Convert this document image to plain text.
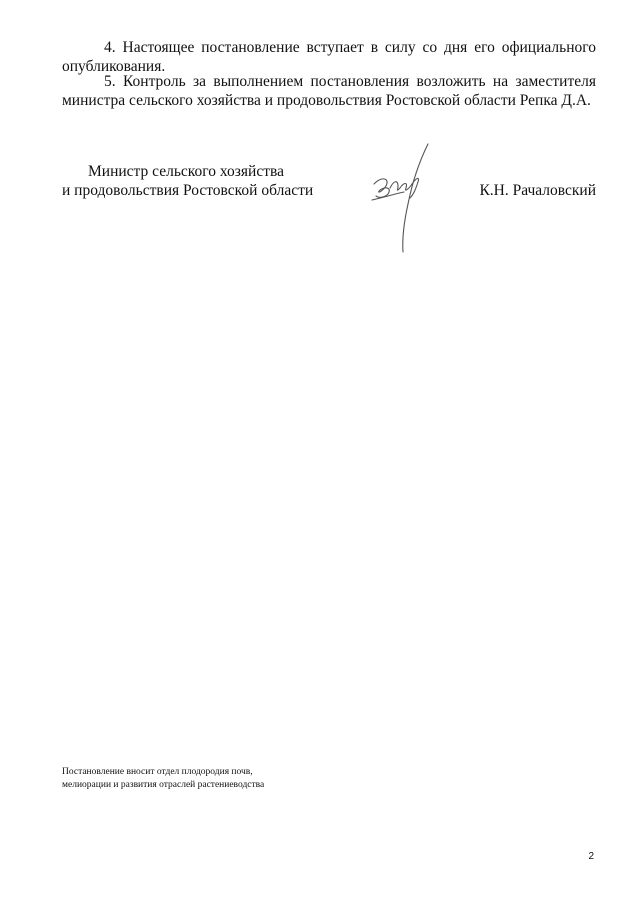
4. Настоящее постановление вступает в силу со дня его официального опубликования.
5. Контроль за выполнением постановления возложить на заместителя министра сельского хозяйства и продовольствия Ростовской области Репка Д.А.
Министр сельского хозяйства
и продовольствия Ростовской области	К.Н. Рачаловский
Постановление вносит отдел плодородия почв,
мелиорации и развития отраслей растениеводства
2
